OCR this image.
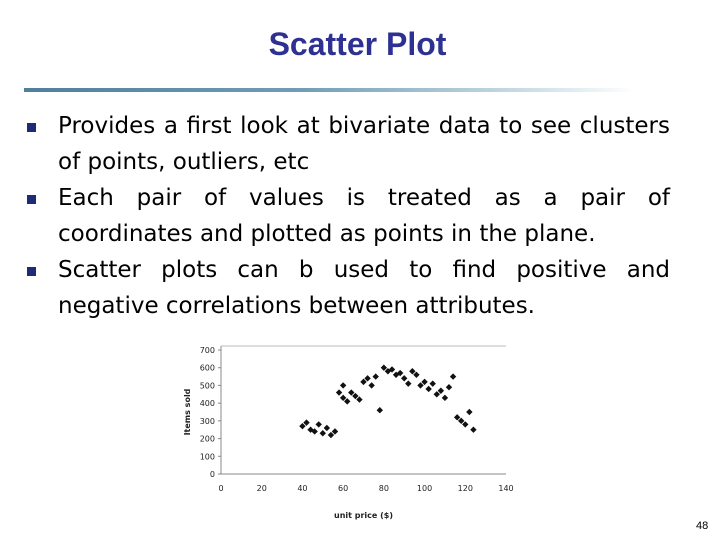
Scatter Plot
Provides a first look at bivariate data to see clusters of points, outliers, etc
Each pair of values is treated as a pair of coordinates and plotted as points in the plane.
Scatter plots can b used to find positive and negative correlations between attributes.
0
100
200
300
400
500
600
700
0	20	40	60	80	100	120	140
unit price ($)
Items sold
48
